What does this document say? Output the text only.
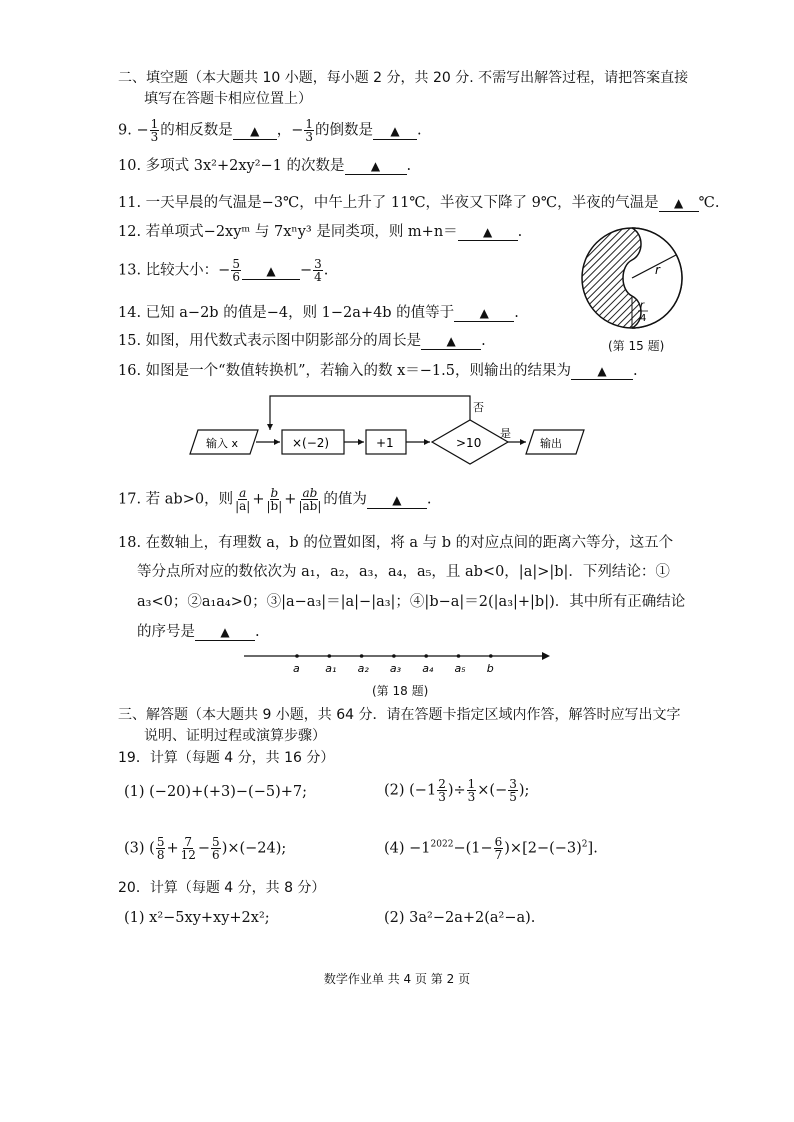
二、填空题（本大题共 10 小题，每小题 2 分，共 20 分. 不需写出解答过程，请把答案直接
填写在答题卡相应位置上）
9. − $\frac{1}{3}$ 的相反数是 ▲ ，− $\frac{1}{3}$ 的倒数是 ▲ .
10. 多项式 3x²+2xy²−1 的次数是 ▲ .
11. 一天早晨的气温是−3℃，中午上升了 11℃，半夜又下降了 9℃，半夜的气温是 ▲ ℃.
12. 若单项式−2xyᵐ 与 7xⁿy³ 是同类项，则 m+n＝ ▲ .
13. 比较大小：− $\frac{5}{6}$ ▲ − $\frac{3}{4}$ .
14. 已知 a−2b 的值是−4，则 1−2a+4b 的值等于 ▲ .
15. 如图，用代数式表示图中阴影部分的周长是 ▲ .
r
r
4
(第 15 题)
16. 如图是一个“数值转换机”，若输入的数 x＝−1.5，则输出的结果为 ▲ .
输入 x	×(−2)	+1	>10
是
输出
否
17. 若 ab>0，则 $\frac{a}{|a|} + \frac{b}{|b|} + \frac{ab}{|ab|}$ 的值为 ▲ .
18. 在数轴上，有理数 a，b 的位置如图，将 a 与 b 的对应点间的距离六等分，这五个
等分点所对应的数依次为 a₁，a₂，a₃，a₄，a₅，且 ab<0，|a|>|b|．下列结论：①
a₃<0；②a₁a₄>0；③|a−a₃|＝|a|−|a₃|；④|b−a|＝2(|a₃|+|b|)．其中所有正确结论
的序号是 ▲ .
a a₁ a₂ a₃ a₄ a₅ b
(第 18 题)
三、解答题（本大题共 9 小题，共 64 分．请在答题卡指定区域内作答，解答时应写出文字
说明、证明过程或演算步骤）
19．计算（每题 4 分，共 16 分）
(1) (−20)+(+3)−(−5)+7;	(2) ($-1 \frac{2}{3}$ )÷ $\frac{1}{3}$ ×(− $\frac{3}{5}$ );
(3) ( $\frac{5}{8} + \frac{7}{12} - \frac{5}{6} )\times(-24)$;	$(4) -1^{2022}-(1- \frac{6}{7} )\times[2-(-3)^2]$.
20．计算（每题 4 分，共 8 分）
(1) x²−5xy+xy+2x²;	(2) 3a²−2a+2(a²−a).
数学作业单 共 4 页 第 2 页
